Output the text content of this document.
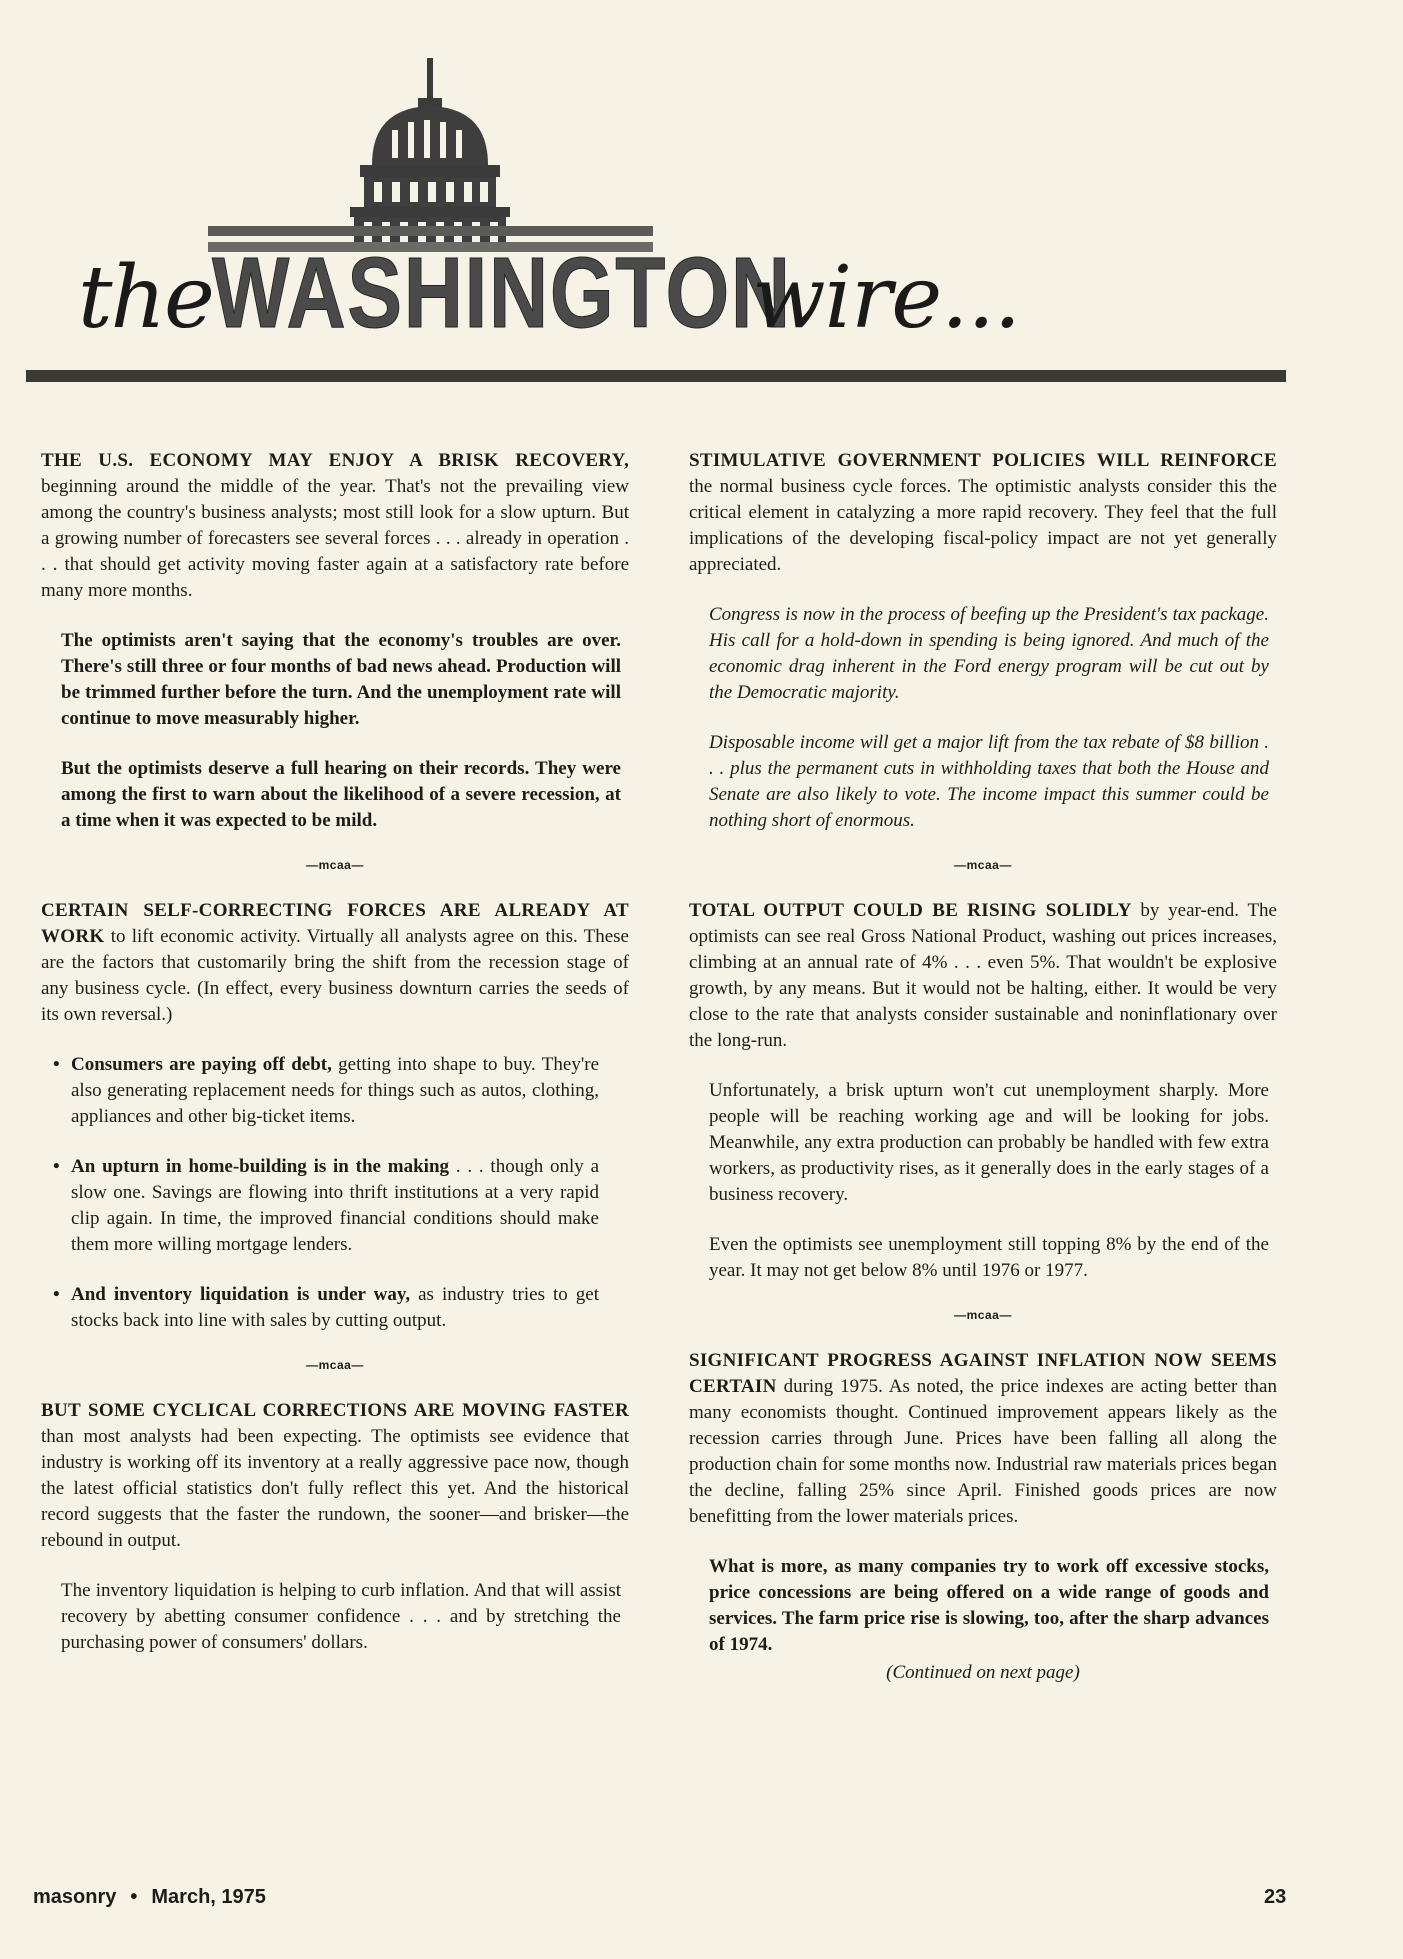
the WASHINGTON
wire...

THE U.S. ECONOMY MAY ENJOY A BRISK RECOVERY, beginning around the middle of the year. That's not the prevailing view among the country's business analysts; most still look for a slow upturn. But a growing number of forecasters see several forces . . . already in operation . . . that should get activity moving faster again at a satisfactory rate before many more months.

The optimists aren't saying that the economy's troubles are over. There's still three or four months of bad news ahead. Production will be trimmed further before the turn. And the unemployment rate will continue to move measurably higher.

But the optimists deserve a full hearing on their records. They were among the first to warn about the likelihood of a severe recession, at a time when it was expected to be mild.

—mcaa—

CERTAIN SELF-CORRECTING FORCES ARE ALREADY AT WORK to lift economic activity. Virtually all analysts agree on this. These are the factors that customarily bring the shift from the recession stage of any business cycle. (In effect, every business downturn carries the seeds of its own reversal.)

• Consumers are paying off debt, getting into shape to buy. They're also generating replacement needs for things such as autos, clothing, appliances and other big-ticket items.
• An upturn in home-building is in the making . . . though only a slow one. Savings are flowing into thrift institutions at a very rapid clip again. In time, the improved financial conditions should make them more willing mortgage lenders.
• And inventory liquidation is under way, as industry tries to get stocks back into line with sales by cutting output.
—mcaa—

BUT SOME CYCLICAL CORRECTIONS ARE MOVING FASTER than most analysts had been expecting. The optimists see evidence that industry is working off its inventory at a really aggressive pace now, though the latest official statistics don't fully reflect this yet. And the historical record suggests that the faster the rundown, the sooner—and brisker—the rebound in output.

The inventory liquidation is helping to curb inflation. And that will assist recovery by abetting consumer confidence . . . and by stretching the purchasing power of consumers' dollars.

STIMULATIVE GOVERNMENT POLICIES WILL REINFORCE the normal business cycle forces. The optimistic analysts consider this the critical element in catalyzing a more rapid recovery. They feel that the full implications of the developing fiscal-policy impact are not yet generally appreciated.

Congress is now in the process of beefing up the President's tax package. His call for a hold-down in spending is being ignored. And much of the economic drag inherent in the Ford energy program will be cut out by the Democratic majority.

Disposable income will get a major lift from the tax rebate of $8 billion . . . plus the permanent cuts in withholding taxes that both the House and Senate are also likely to vote. The income impact this summer could be nothing short of enormous.

—mcaa—

TOTAL OUTPUT COULD BE RISING SOLIDLY by year-end. The optimists can see real Gross National Product, washing out prices increases, climbing at an annual rate of 4% . . . even 5%. That wouldn't be explosive growth, by any means. But it would not be halting, either. It would be very close to the rate that analysts consider sustainable and noninflationary over the long-run.

Unfortunately, a brisk upturn won't cut unemployment sharply. More people will be reaching working age and will be looking for jobs. Meanwhile, any extra production can probably be handled with few extra workers, as productivity rises, as it generally does in the early stages of a business recovery.

Even the optimists see unemployment still topping 8% by the end of the year. It may not get below 8% until 1976 or 1977.

—mcaa—

SIGNIFICANT PROGRESS AGAINST INFLATION NOW SEEMS CERTAIN during 1975. As noted, the price indexes are acting better than many economists thought. Continued improvement appears likely as the recession carries through June. Prices have been falling all along the production chain for some months now. Industrial raw materials prices began the decline, falling 25% since April. Finished goods prices are now benefitting from the lower materials prices.

What is more, as many companies try to work off excessive stocks, price concessions are being offered on a wide range of goods and services. The farm price rise is slowing, too, after the sharp advances of 1974.

(Continued on next page)
masonry • March, 1975	23
